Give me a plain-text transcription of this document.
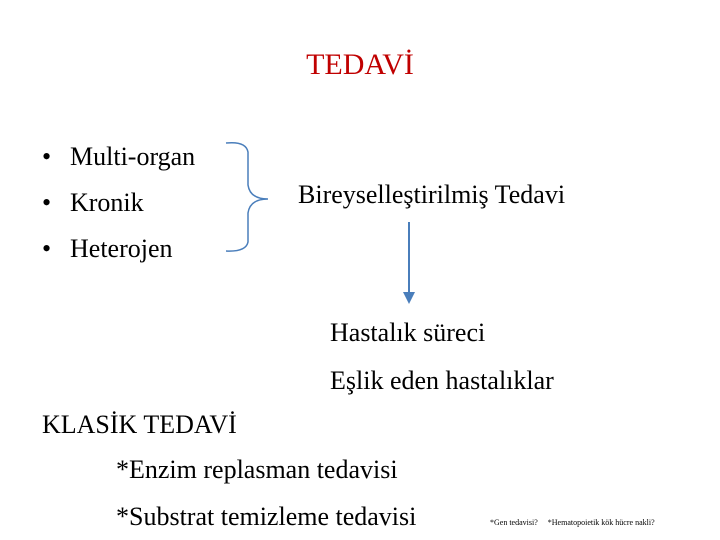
TEDAVİ
• Multi-organ
• Kronik
• Heterojen
Bireyselleştirilmiş Tedavi
Hastalık süreci
Eşlik eden hastalıklar
KLASİK TEDAVİ
*Enzim replasman tedavisi
*Substrat temizleme tedavisi	*Gen tedavisi? *Hematopoietik kök hücre nakli?
